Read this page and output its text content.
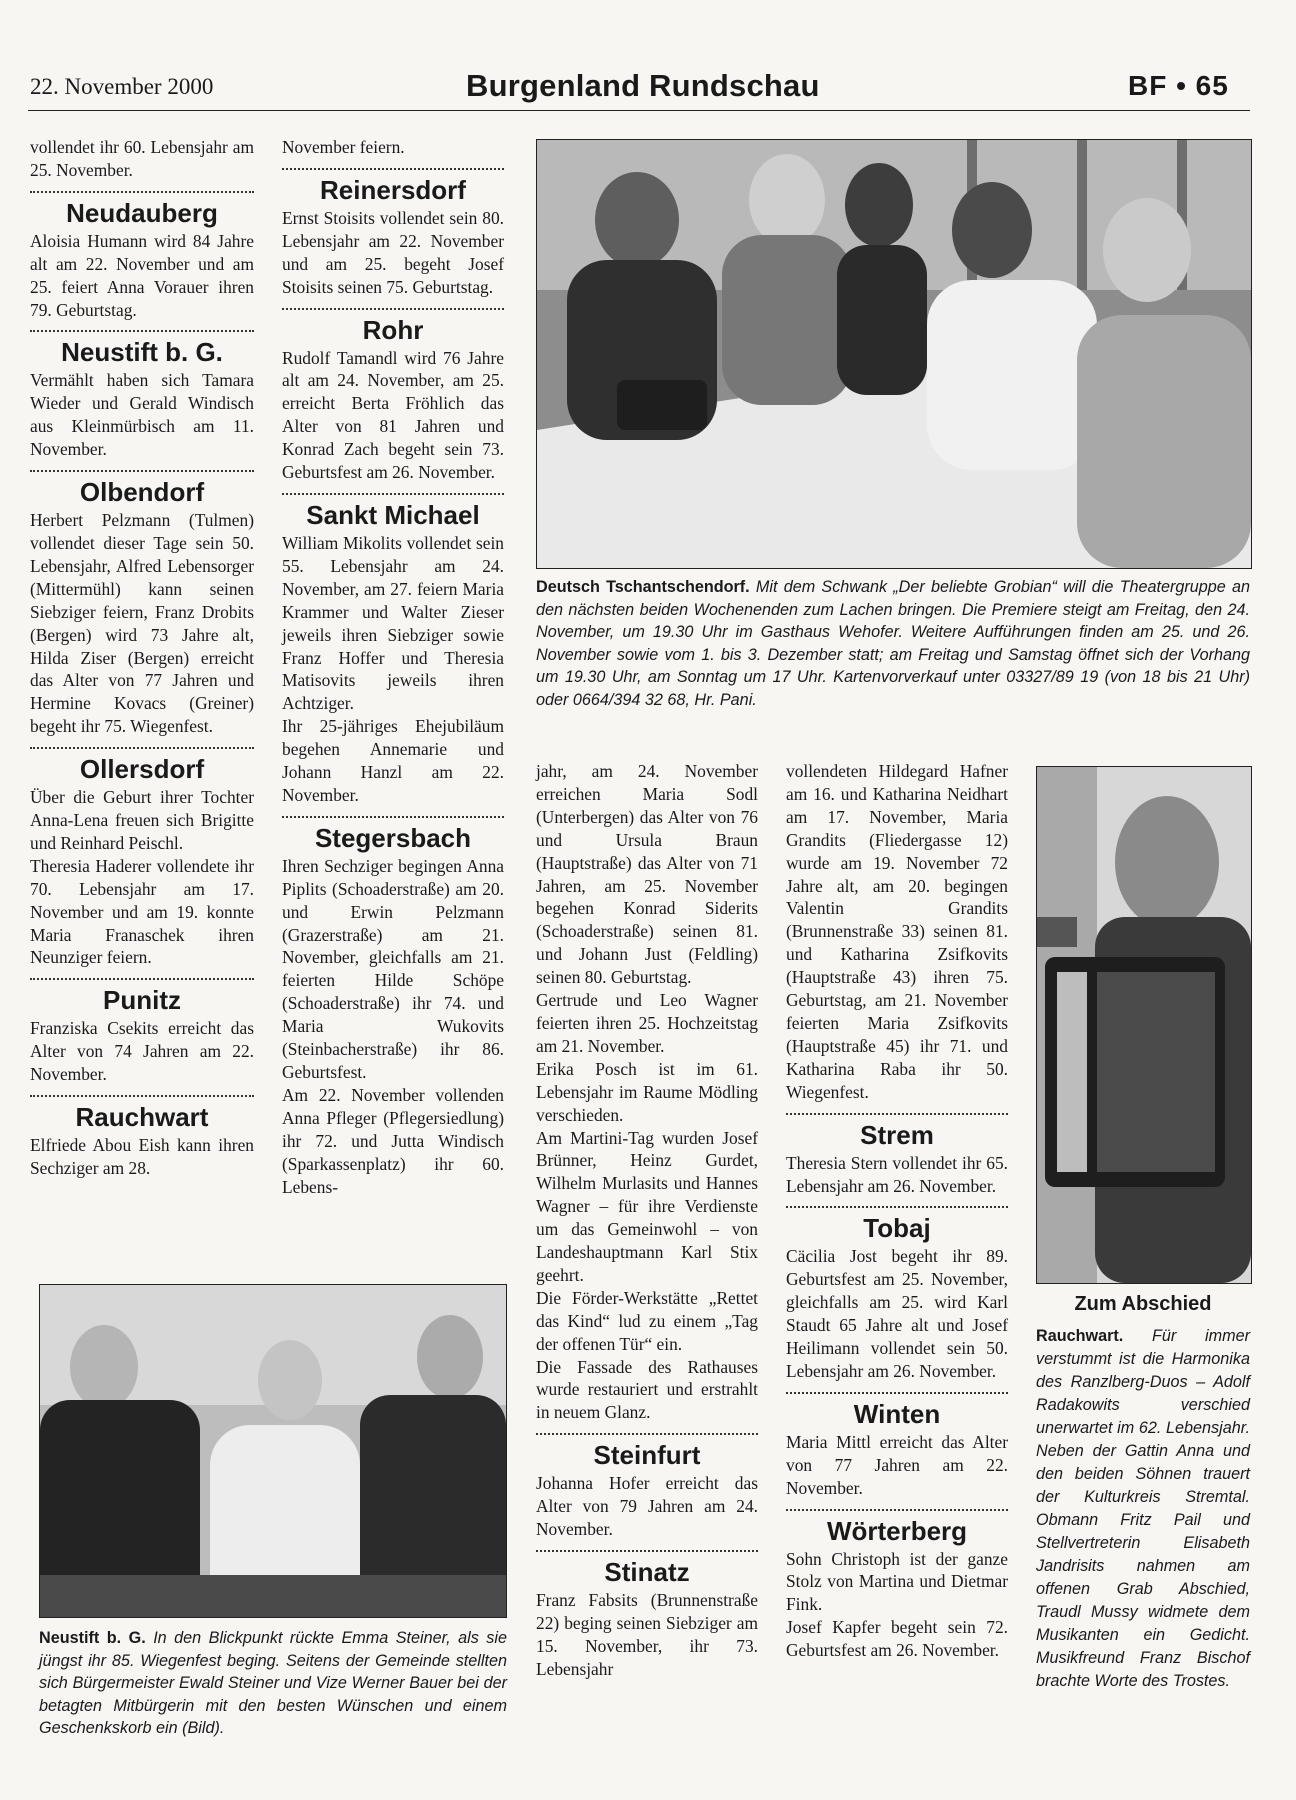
22. November 2000	Burgenland Rundschau	BF • 65

vollendet ihr 60. Lebensjahr am 25. November.

Neudauberg

Aloisia Humann wird 84 Jahre alt am 22. November und am 25. feiert Anna Vorauer ihren 79. Geburtstag.

Neustift b. G.

Vermählt haben sich Tamara Wieder und Gerald Windisch aus Kleinmürbisch am 11. November.

Olbendorf

Herbert Pelzmann (Tulmen) vollendet dieser Tage sein 50. Lebensjahr, Alfred Lebensorger (Mittermühl) kann seinen Siebziger feiern, Franz Drobits (Bergen) wird 73 Jahre alt, Hilda Ziser (Bergen) erreicht das Alter von 77 Jahren und Hermine Kovacs (Greiner) begeht ihr 75. Wiegenfest.

Ollersdorf

Über die Geburt ihrer Tochter Anna-Lena freuen sich Brigitte und Reinhard Peischl.

Theresia Haderer vollendete ihr 70. Lebensjahr am 17. November und am 19. konnte Maria Franaschek ihren Neunziger feiern.

Punitz

Franziska Csekits erreicht das Alter von 74 Jahren am 22. November.

Rauchwart

Elfriede Abou Eish kann ihren Sechziger am 28.

November feiern.

Reinersdorf

Ernst Stoisits vollendet sein 80. Lebensjahr am 22. November und am 25. begeht Josef Stoisits seinen 75. Geburtstag.

Rohr

Rudolf Tamandl wird 76 Jahre alt am 24. November, am 25. erreicht Berta Fröhlich das Alter von 81 Jahren und Konrad Zach begeht sein 73. Geburtsfest am 26. November.

Sankt Michael

William Mikolits vollendet sein 55. Lebensjahr am 24. November, am 27. feiern Maria Krammer und Walter Zieser jeweils ihren Siebziger sowie Franz Hoffer und Theresia Matisovits jeweils ihren Achtziger.

Ihr 25-jähriges Ehejubiläum begehen Annemarie und Johann Hanzl am 22. November.

Stegersbach

Ihren Sechziger begingen Anna Piplits (Schoaderstraße) am 20. und Erwin Pelzmann (Grazerstraße) am 21. November, gleichfalls am 21. feierten Hilde Schöpe (Schoaderstraße) ihr 74. und Maria Wukovits (Steinbacherstraße) ihr 86. Geburtsfest.

Am 22. November vollenden Anna Pfleger (Pflegersiedlung) ihr 72. und Jutta Windisch (Sparkassenplatz) ihr 60. Lebens-

Deutsch Tschantschendorf. Mit dem Schwank „Der beliebte Grobian“ will die Theatergruppe an den nächsten beiden Wochenenden zum Lachen bringen. Die Premiere steigt am Freitag, den 24. November, um 19.30 Uhr im Gasthaus Wehofer. Weitere Aufführungen finden am 25. und 26. November sowie vom 1. bis 3. Dezember statt; am Freitag und Samstag öffnet sich der Vorhang um 19.30 Uhr, am Sonntag um 17 Uhr. Kartenvorverkauf unter 03327/89 19 (von 18 bis 21 Uhr) oder 0664/394 32 68, Hr. Pani.

jahr, am 24. November erreichen Maria Sodl (Unterbergen) das Alter von 76 und Ursula Braun (Hauptstraße) das Alter von 71 Jahren, am 25. November begehen Konrad Siderits (Schoaderstraße) seinen 81. und Johann Just (Feldling) seinen 80. Geburtstag.

Gertrude und Leo Wagner feierten ihren 25. Hochzeitstag am 21. November.

Erika Posch ist im 61. Lebensjahr im Raume Mödling verschieden.

Am Martini-Tag wurden Josef Brünner, Heinz Gurdet, Wilhelm Murlasits und Hannes Wagner – für ihre Verdienste um das Gemeinwohl – von Landeshauptmann Karl Stix geehrt.

Die Förder-Werkstätte „Rettet das Kind“ lud zu einem „Tag der offenen Tür“ ein.

Die Fassade des Rathauses wurde restauriert und erstrahlt in neuem Glanz.

Steinfurt

Johanna Hofer erreicht das Alter von 79 Jahren am 24. November.

Stinatz

Franz Fabsits (Brunnenstraße 22) beging seinen Siebziger am 15. November, ihr 73. Lebensjahr

vollendeten Hildegard Hafner am 16. und Katharina Neidhart am 17. November, Maria Grandits (Fliedergasse 12) wurde am 19. November 72 Jahre alt, am 20. begingen Valentin Grandits (Brunnenstraße 33) seinen 81. und Katharina Zsifkovits (Hauptstraße 43) ihren 75. Geburtstag, am 21. November feierten Maria Zsifkovits (Hauptstraße 45) ihr 71. und Katharina Raba ihr 50. Wiegenfest.

Strem

Theresia Stern vollendet ihr 65. Lebensjahr am 26. November.

Tobaj

Cäcilia Jost begeht ihr 89. Geburtsfest am 25. November, gleichfalls am 25. wird Karl Staudt 65 Jahre alt und Josef Heilimann vollendet sein 50. Lebensjahr am 26. November.

Winten

Maria Mittl erreicht das Alter von 77 Jahren am 22. November.

Wörterberg

Sohn Christoph ist der ganze Stolz von Martina und Dietmar Fink.

Josef Kapfer begeht sein 72. Geburtsfest am 26. November.

Zum Abschied
Rauchwart. Für immer verstummt ist die Harmonika des Ranzlberg-Duos – Adolf Radakowits verschied unerwartet im 62. Lebensjahr. Neben der Gattin Anna und den beiden Söhnen trauert der Kulturkreis Stremtal. Obmann Fritz Pail und Stellvertreterin Elisabeth Jandrisits nahmen am offenen Grab Abschied, Traudl Mussy widmete dem Musikanten ein Gedicht. Musikfreund Franz Bischof brachte Worte des Trostes.
Neustift b. G. In den Blickpunkt rückte Emma Steiner, als sie jüngst ihr 85. Wiegenfest beging. Seitens der Gemeinde stellten sich Bürgermeister Ewald Steiner und Vize Werner Bauer bei der betagten Mitbürgerin mit den besten Wünschen und einem Geschenkskorb ein (Bild).
